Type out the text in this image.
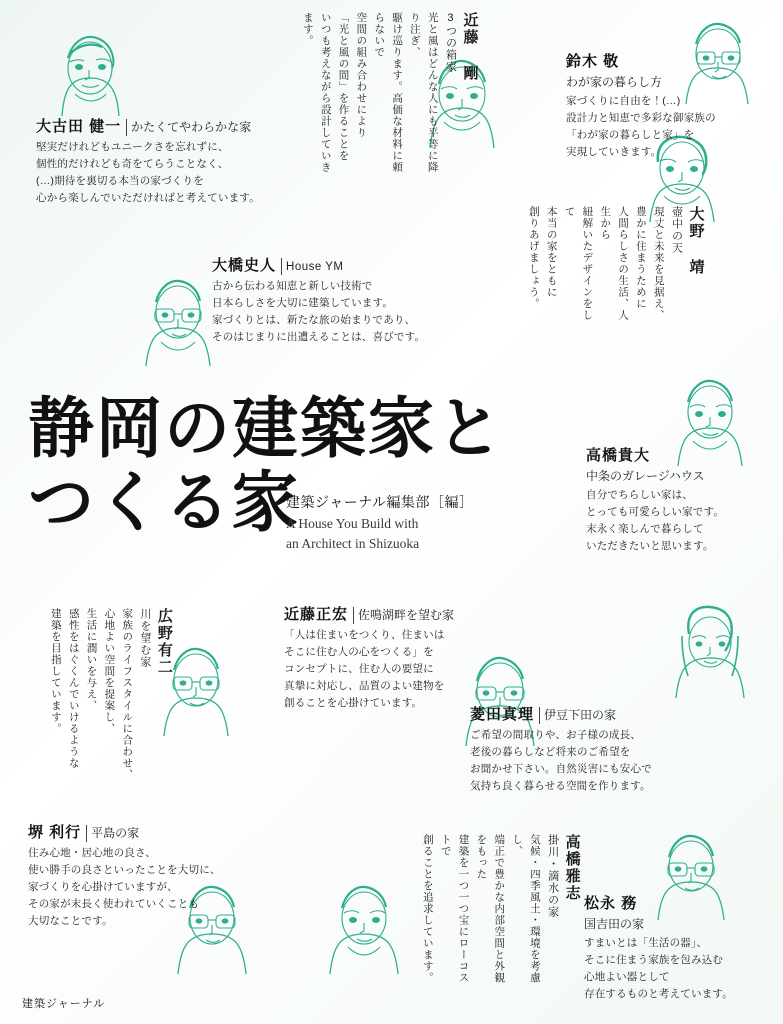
大古田 健一 かたくてやわらかな家
堅実だけれどもユニークさを忘れずに、
個性的だけれども奇をてらうことなく、
(…)期待を裏切る本当の家づくりを
心から楽しんでいただければと考えています。
近藤 剛
3つの箱家
光と風はどんな人にも平等に降り注ぎ、
駆け巡ります。高価な材料に頼らないで
空間の組み合わせにより
「光と風の間」を作ることを
いつも考えながら設計していきます。
鈴木 敬
わが家の暮らし方
家づくりに自由を！(…)
設計力と知恵で多彩な御家族の
「わが家の暮らしと家」を
実現していきます。
大野 靖
壺中の天
現丈と未来を見据え、
豊かに住まうために
人間らしさの生活、人生から
紐解いたデザインをして
本当の家をともに
創りあげましょう。
大橋史人 House YM
古から伝わる知恵と新しい技術で
日本らしさを大切に建築しています。
家づくりとは、新たな旅の始まりであり、
そのはじまりに出遭えることは、喜びです。
高橋貴大
中条のガレージハウス
自分でちらしい家は、
とっても可愛らしい家です。
末永く楽しんで暮らして
いただきたいと思います。
広野有二
川を望む家
家族のライフスタイルに合わせ、
心地よい空間を提案し、
生活に潤いを与え、
感性をはぐくんでいけるような
建築を目指しています。	近藤正宏 佐鳴湖畔を望む家
「人は住まいをつくり、住まいは
そこに住む人の心をつくる」を
コンセプトに、住む人の要望に
真摯に対応し、品質のよい建物を
創ることを心掛けています。
菱田真理 伊豆下田の家
ご希望の間取りや、お子様の成長、
老後の暮らしなど将来のご希望を
お聞かせ下さい。自然災害にも安心で
気持ち良く暮らせる空間を作ります。
堺 利行 平島の家
住み心地・居心地の良さ、
使い勝手の良さといったことを大切に、
家づくりを心掛けていますが、
その家が末長く使われていくことも
大切なことです。
高橋雅志
掛川・滴水の家
気候・四季風土・環境を考慮し、
端正で豊かな内部空間と外観をもった
建築を一つ一つ宝にローコストで
創ることを追求しています。	松永 務
国吉田の家
すまいとは「生活の器」、
そこに住まう家族を包み込む
心地よい器として
存在するものと考えています。
静岡の建築家と
つくる家
建築ジャーナル編集部［編］
A House You Build with
an Architect in Shizuoka
建築ジャーナル
